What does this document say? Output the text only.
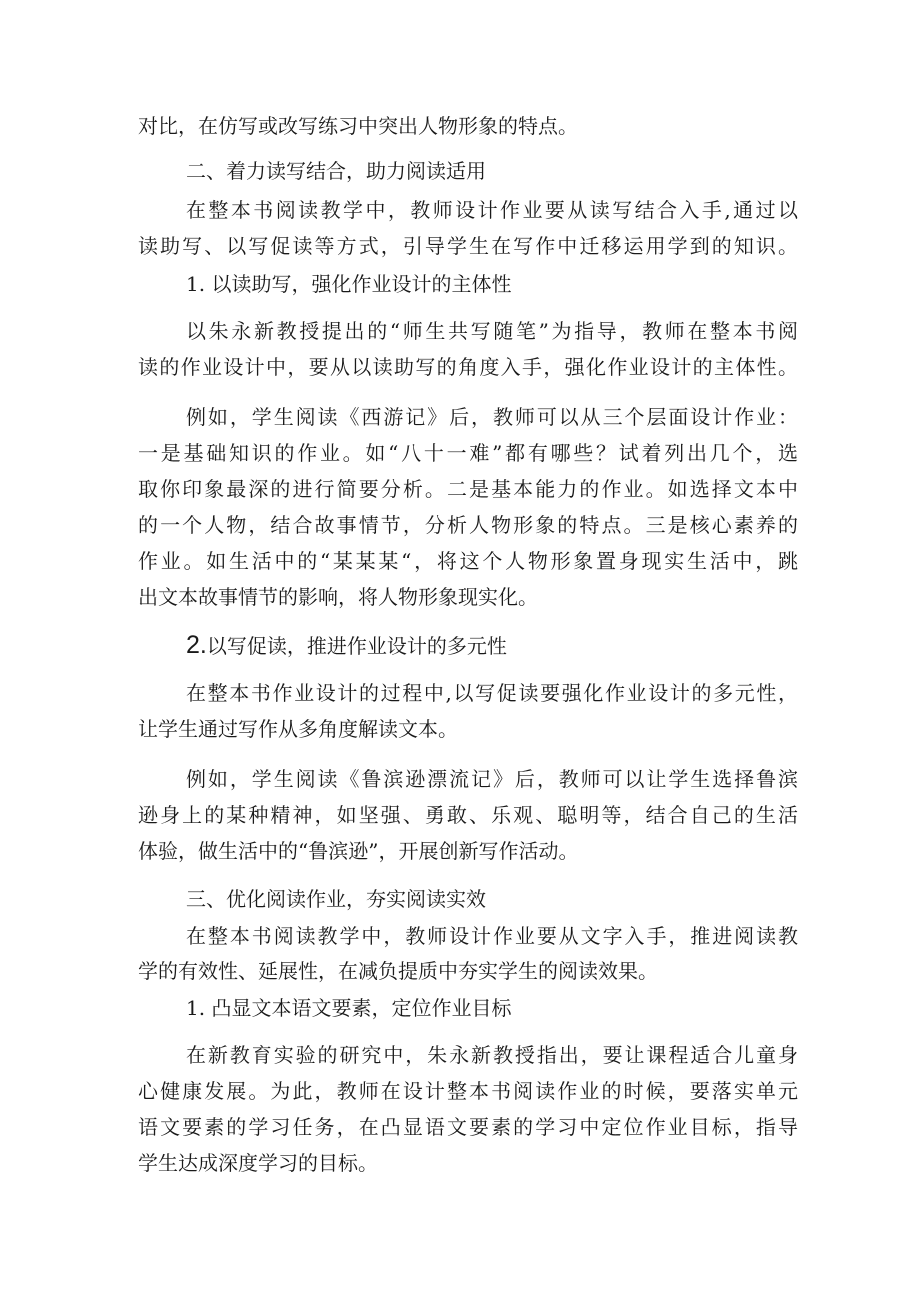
对比，在仿写或改写练习中突出人物形象的特点。
二、着力读写结合，助力阅读适用
在整本书阅读教学中，教师设计作业要从读写结合入手,通过以
读助写、以写促读等方式，引导学生在写作中迁移运用学到的知识。
1. 以读助写，强化作业设计的主体性
以朱永新教授提出的“师生共写随笔”为指导，教师在整本书阅
读的作业设计中，要从以读助写的角度入手，强化作业设计的主体性。
例如，学生阅读《西游记》后，教师可以从三个层面设计作业：
一是基础知识的作业。如“八十一难”都有哪些？试着列出几个，选
取你印象最深的进行简要分析。二是基本能力的作业。如选择文本中
的一个人物，结合故事情节，分析人物形象的特点。三是核心素养的
作业。如生活中的“某某某“，将这个人物形象置身现实生活中，跳
出文本故事情节的影响，将人物形象现实化。
2.以写促读，推进作业设计的多元性
在整本书作业设计的过程中,以写促读要强化作业设计的多元性，
让学生通过写作从多角度解读文本。
例如，学生阅读《鲁滨逊漂流记》后，教师可以让学生选择鲁滨
逊身上的某种精神，如坚强、勇敢、乐观、聪明等，结合自己的生活
体验，做生活中的“鲁滨逊”，开展创新写作活动。
三、优化阅读作业，夯实阅读实效
在整本书阅读教学中，教师设计作业要从文字入手，推进阅读教
学的有效性、延展性，在减负提质中夯实学生的阅读效果。
1. 凸显文本语文要素，定位作业目标
在新教育实验的研究中，朱永新教授指出，要让课程适合儿童身
心健康发展。为此，教师在设计整本书阅读作业的时候，要落实单元
语文要素的学习任务，在凸显语文要素的学习中定位作业目标，指导
学生达成深度学习的目标。
